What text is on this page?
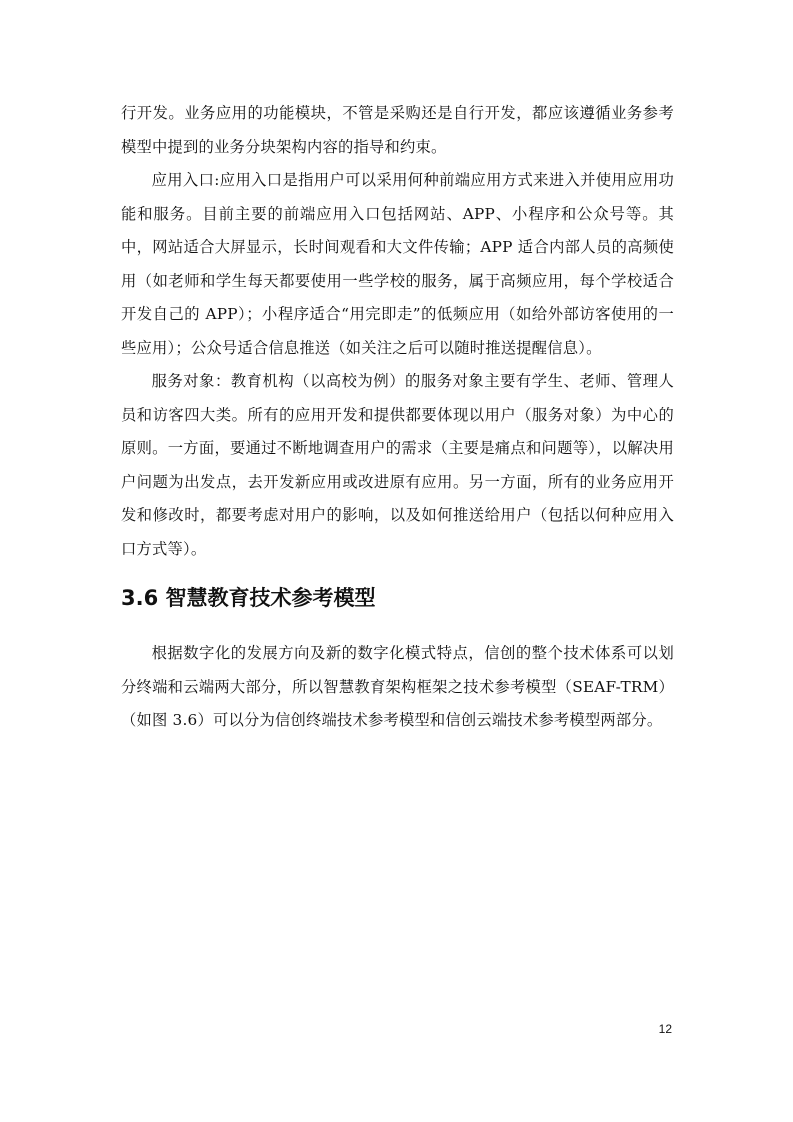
行开发。业务应用的功能模块，不管是采购还是自行开发，都应该遵循业务参考模型中提到的业务分块架构内容的指导和约束。

应用入口:应用入口是指用户可以采用何种前端应用方式来进入并使用应用功能和服务。目前主要的前端应用入口包括网站、APP、小程序和公众号等。其中，网站适合大屏显示，长时间观看和大文件传输；APP 适合内部人员的高频使用（如老师和学生每天都要使用一些学校的服务，属于高频应用，每个学校适合开发自己的 APP）；小程序适合“用完即走”的低频应用（如给外部访客使用的一些应用）；公众号适合信息推送（如关注之后可以随时推送提醒信息）。

服务对象：教育机构（以高校为例）的服务对象主要有学生、老师、管理人员和访客四大类。所有的应用开发和提供都要体现以用户（服务对象）为中心的原则。一方面，要通过不断地调查用户的需求（主要是痛点和问题等），以解决用户问题为出发点，去开发新应用或改进原有应用。另一方面，所有的业务应用开发和修改时，都要考虑对用户的影响，以及如何推送给用户（包括以何种应用入口方式等）。

3.6 智慧教育技术参考模型

根据数字化的发展方向及新的数字化模式特点，信创的整个技术体系可以划分终端和云端两大部分，所以智慧教育架构框架之技术参考模型（SEAF-TRM）（如图 3.6）可以分为信创终端技术参考模型和信创云端技术参考模型两部分。

12
